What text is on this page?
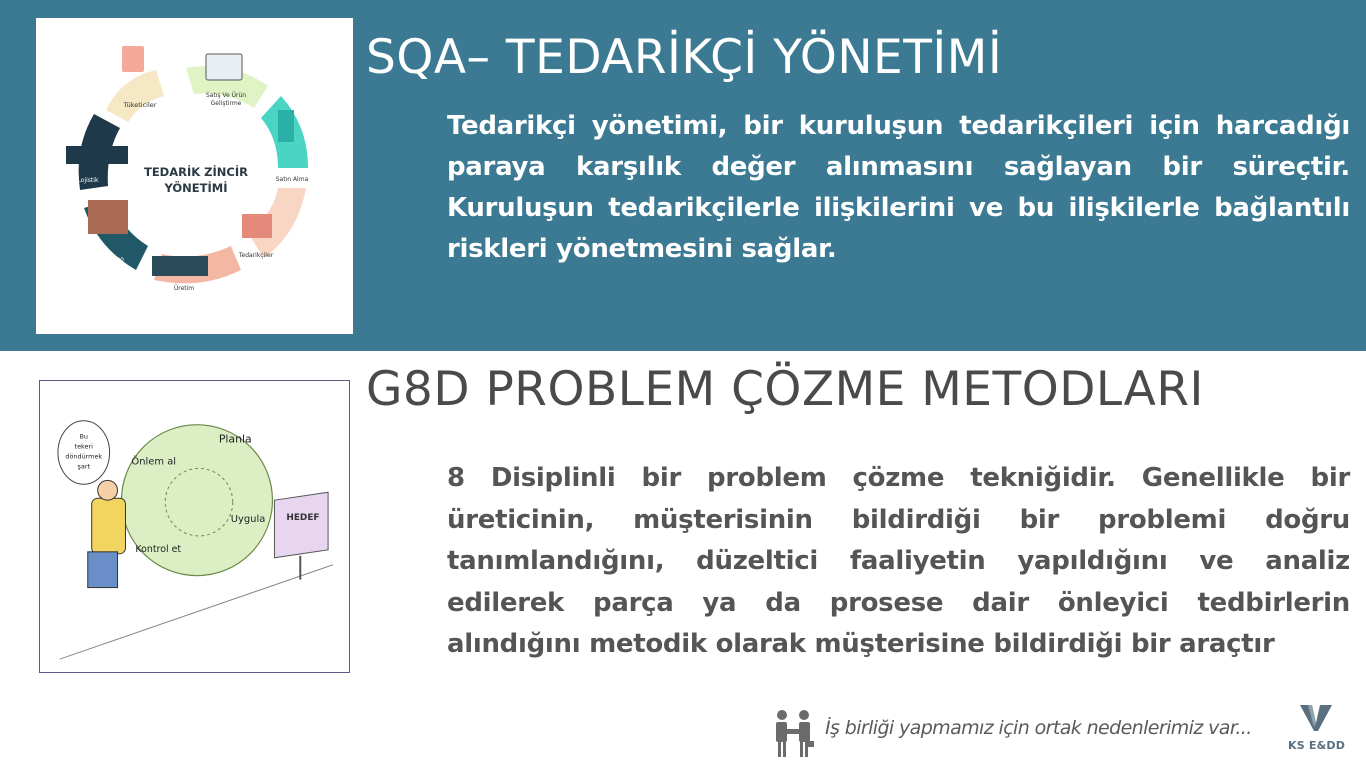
TEDARİK ZİNCİR
YÖNETİMİ
Tüketiciler
Satış Ve Ürün
Geliştirme
Satın Alma
Tedarikçiler
Üretim
Depo
Lojistik
SQA– TEDARİKÇİ YÖNETİMİ

Tedarikçi yönetimi, bir kuruluşun tedarikçileri için harcadığı paraya karşılık değer alınmasını sağlayan bir süreçtir. Kuruluşun tedarikçilerle ilişkilerini ve bu ilişkilerle bağlantılı riskleri yönetmesini sağlar.

Bu
tekeri
döndürmek
şart
Planla
Önlem al
Uygula
Kontrol et
HEDEF
G8D PROBLEM ÇÖZME METODLARI

8 Disiplinli bir problem çözme tekniğidir. Genellikle bir üreticinin, müşterisinin bildirdiği bir problemi doğru tanımlandığını, düzeltici faaliyetin yapıldığını ve analiz edilerek parça ya da prosese dair önleyici tedbirlerin alındığını metodik olarak müşterisine bildirdiği bir araçtır

İş birliği yapmamız için ortak nedenlerimiz var...
KS E&DD
